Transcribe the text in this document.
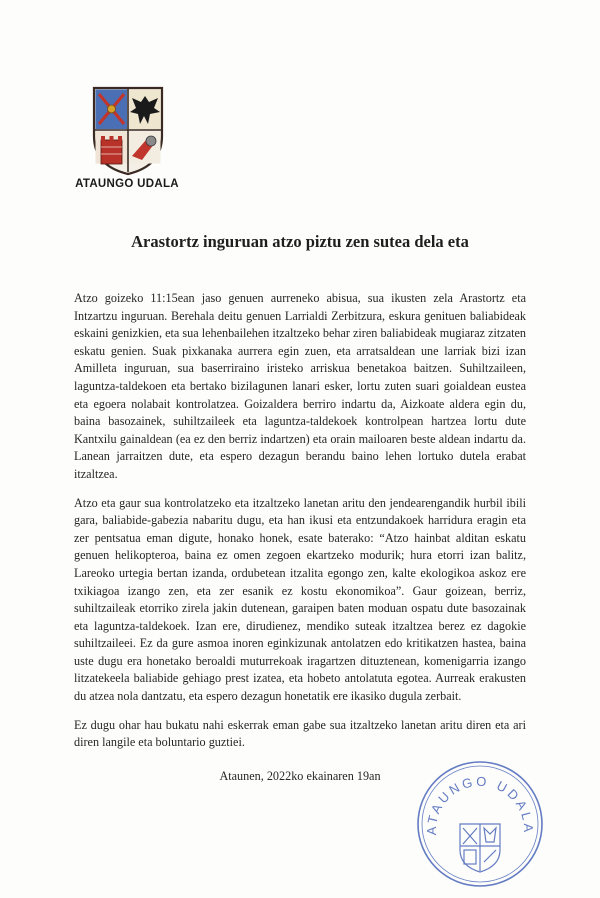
ATAUNGO UDALA
Arastortz inguruan atzo piztu zen sutea dela eta

Atzo goizeko 11:15ean jaso genuen aurreneko abisua, sua ikusten zela Arastortz eta Intzartzu inguruan. Berehala deitu genuen Larrialdi Zerbitzura, eskura genituen baliabideak eskaini genizkien, eta sua lehenbailehen itzaltzeko behar ziren baliabideak mugiaraz zitzaten eskatu genien. Suak pixkanaka aurrera egin zuen, eta arratsaldean une larriak bizi izan Amilleta inguruan, sua baserriraino iristeko arriskua benetakoa baitzen. Suhiltzaileen, laguntza-taldekoen eta bertako bizilagunen lanari esker, lortu zuten suari goialdean eustea eta egoera nolabait kontrolatzea. Goizaldera berriro indartu da, Aizkoate aldera egin du, baina basozainek, suhiltzaileek eta laguntza-taldekoek kontrolpean hartzea lortu dute Kantxilu gainaldean (ea ez den berriz indartzen) eta orain mailoaren beste aldean indartu da. Lanean jarraitzen dute, eta espero dezagun berandu baino lehen lortuko dutela erabat itzaltzea.

Atzo eta gaur sua kontrolatzeko eta itzaltzeko lanetan aritu den jendearengandik hurbil ibili gara, baliabide-gabezia nabaritu dugu, eta han ikusi eta entzundakoek harridura eragin eta zer pentsatua eman digute, honako honek, esate baterako: “Atzo hainbat alditan eskatu genuen helikopteroa, baina ez omen zegoen ekartzeko modurik; hura etorri izan balitz, Lareoko urtegia bertan izanda, ordubetean itzalita egongo zen, kalte ekologikoa askoz ere txikiagoa izango zen, eta zer esanik ez kostu ekonomikoa”. Gaur goizean, berriz, suhiltzaileak etorriko zirela jakin dutenean, garaipen baten moduan ospatu dute basozainak eta laguntza-taldekoek. Izan ere, dirudienez, mendiko suteak itzaltzea berez ez dagokie suhiltzaileei. Ez da gure asmoa inoren eginkizunak antolatzen edo kritikatzen hastea, baina uste dugu era honetako beroaldi muturrekoak iragartzen dituztenean, komenigarria izango litzatekeela baliabide gehiago prest izatea, eta hobeto antolatuta egotea. Aurreak erakusten du atzea nola dantzatu, eta espero dezagun honetatik ere ikasiko dugula zerbait.

Ez dugu ohar hau bukatu nahi eskerrak eman gabe sua itzaltzeko lanetan aritu diren eta ari diren langile eta boluntario guztiei.

Atаunen, 2022ko ekainaren 19an
ATAUNGO UDALA
